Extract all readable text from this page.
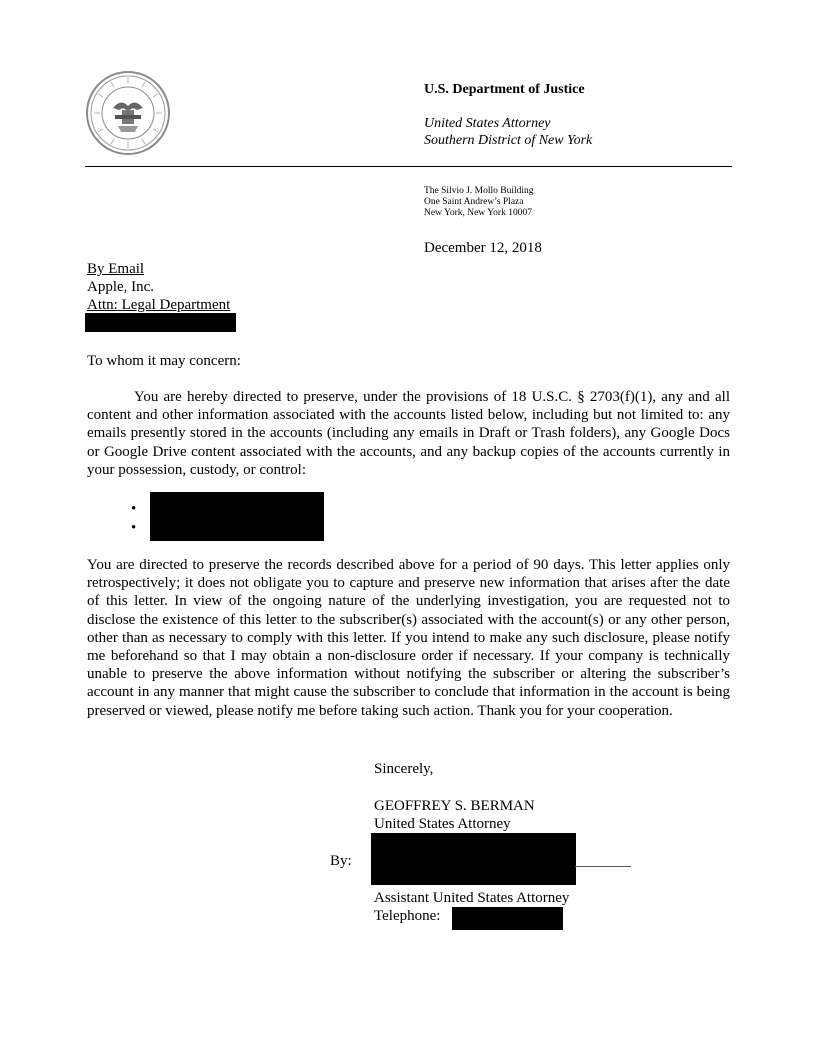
U.S. Department of Justice
United States Attorney
Southern District of New York
The Silvio J. Mollo Building
One Saint Andrew’s Plaza
New York, New York 10007
December 12, 2018
By Email
Apple, Inc.
Attn: Legal Department
To whom it may concern:

You are hereby directed to preserve, under the provisions of 18 U.S.C. § 2703(f)(1), any and all content and other information associated with the accounts listed below, including but not limited to: any emails presently stored in the accounts (including any emails in Draft or Trash folders), any Google Docs or Google Drive content associated with the accounts, and any backup copies of the accounts currently in your possession, custody, or control:

•
•

You are directed to preserve the records described above for a period of 90 days. This letter applies only retrospectively; it does not obligate you to capture and preserve new information that arises after the date of this letter. In view of the ongoing nature of the underlying investigation, you are requested not to disclose the existence of this letter to the subscriber(s) associated with the account(s) or any other person, other than as necessary to comply with this letter. If you intend to make any such disclosure, please notify me beforehand so that I may obtain a non-disclosure order if necessary. If your company is technically unable to preserve the above information without notifying the subscriber or altering the subscriber’s account in any manner that might cause the subscriber to conclude that information in the account is being preserved or viewed, please notify me before taking such action. Thank you for your cooperation.

Sincerely,
GEOFFREY S. BERMAN
United States Attorney
By:
Assistant United States Attorney
Telephone:
